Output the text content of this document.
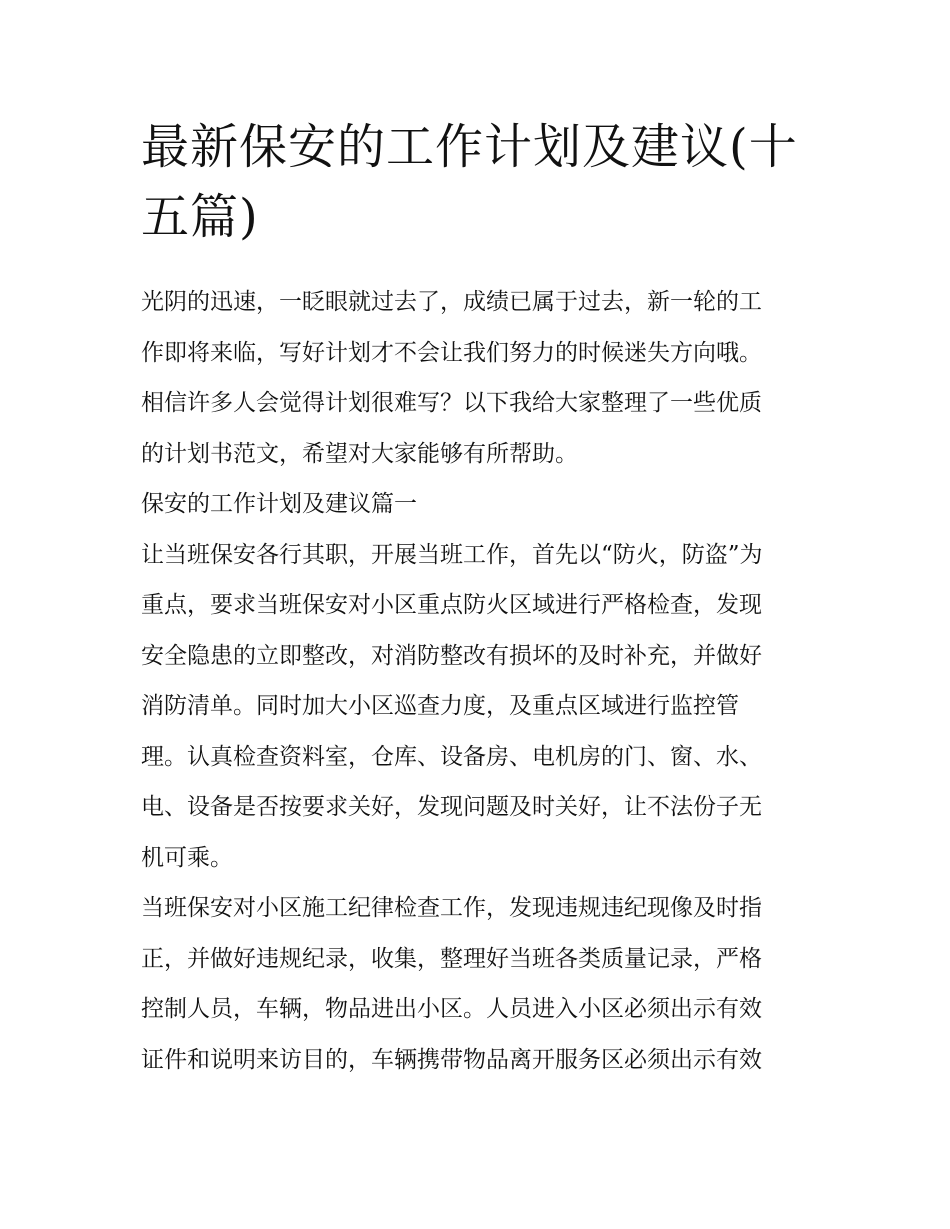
最新保安的工作计划及建议(十
五篇)

光阴的迅速，一眨眼就过去了，成绩已属于过去，新一轮的工
作即将来临，写好计划才不会让我们努力的时候迷失方向哦。
相信许多人会觉得计划很难写？以下我给大家整理了一些优质
的计划书范文，希望对大家能够有所帮助。

保安的工作计划及建议篇一

让当班保安各行其职，开展当班工作，首先以“防火，防盗”为
重点，要求当班保安对小区重点防火区域进行严格检查，发现
安全隐患的立即整改，对消防整改有损坏的及时补充，并做好
消防清单。同时加大小区巡查力度，及重点区域进行监控管
理。认真检查资料室，仓库、设备房、电机房的门、窗、水、
电、设备是否按要求关好，发现问题及时关好，让不法份子无
机可乘。

当班保安对小区施工纪律检查工作，发现违规违纪现像及时指
正，并做好违规纪录，收集，整理好当班各类质量记录，严格
控制人员，车辆，物品进出小区。人员进入小区必须出示有效
证件和说明来访目的，车辆携带物品离开服务区必须出示有效
